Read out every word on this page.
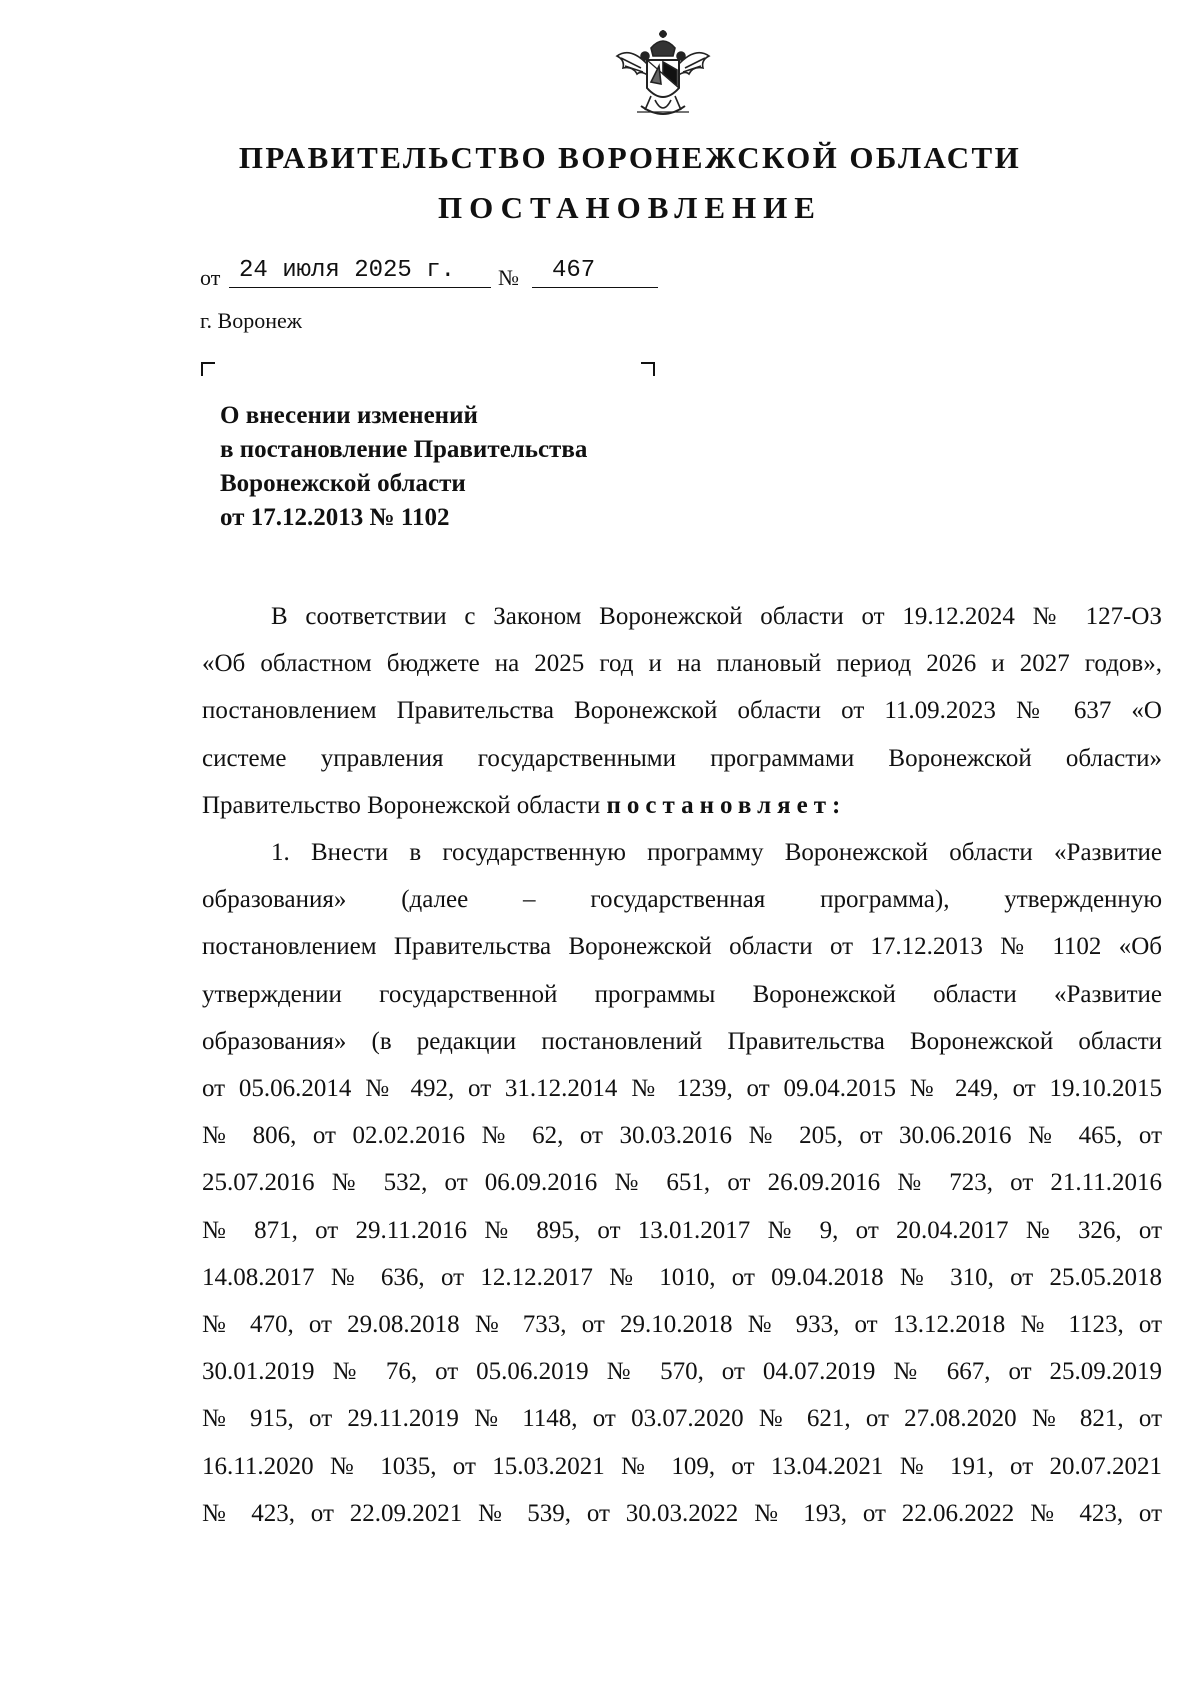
ПРАВИТЕЛЬСТВО ВОРОНЕЖСКОЙ ОБЛАСТИ
ПОСТАНОВЛЕНИЕ
от 24 июля 2025 г. № 467
г. Воронеж
О внесении изменений
в постановление Правительства
Воронежской области
от 17.12.2013 № 1102
В соответствии с Законом Воронежской области от 19.12.2024 № 127-ОЗ
«Об областном бюджете на 2025 год и на плановый период 2026 и 2027 годов»,
постановлением Правительства Воронежской области от 11.09.2023 № 637 «О
системе управления государственными программами Воронежской области»
Правительство Воронежской области постановляет:
1. Внести в государственную программу Воронежской области «Развитие
образования» (далее – государственная программа), утвержденную
постановлением Правительства Воронежской области от 17.12.2013 № 1102 «Об
утверждении государственной программы Воронежской области «Развитие
образования» (в редакции постановлений Правительства Воронежской области
от 05.06.2014 № 492, от 31.12.2014 № 1239, от 09.04.2015 № 249, от 19.10.2015
№ 806, от 02.02.2016 № 62, от 30.03.2016 № 205, от 30.06.2016 № 465, от
25.07.2016 № 532, от 06.09.2016 № 651, от 26.09.2016 № 723, от 21.11.2016
№ 871, от 29.11.2016 № 895, от 13.01.2017 № 9, от 20.04.2017 № 326, от
14.08.2017 № 636, от 12.12.2017 № 1010, от 09.04.2018 № 310, от 25.05.2018
№ 470, от 29.08.2018 № 733, от 29.10.2018 № 933, от 13.12.2018 № 1123, от
30.01.2019 № 76, от 05.06.2019 № 570, от 04.07.2019 № 667, от 25.09.2019
№ 915, от 29.11.2019 № 1148, от 03.07.2020 № 621, от 27.08.2020 № 821, от
16.11.2020 № 1035, от 15.03.2021 № 109, от 13.04.2021 № 191, от 20.07.2021
№ 423, от 22.09.2021 № 539, от 30.03.2022 № 193, от 22.06.2022 № 423, от
